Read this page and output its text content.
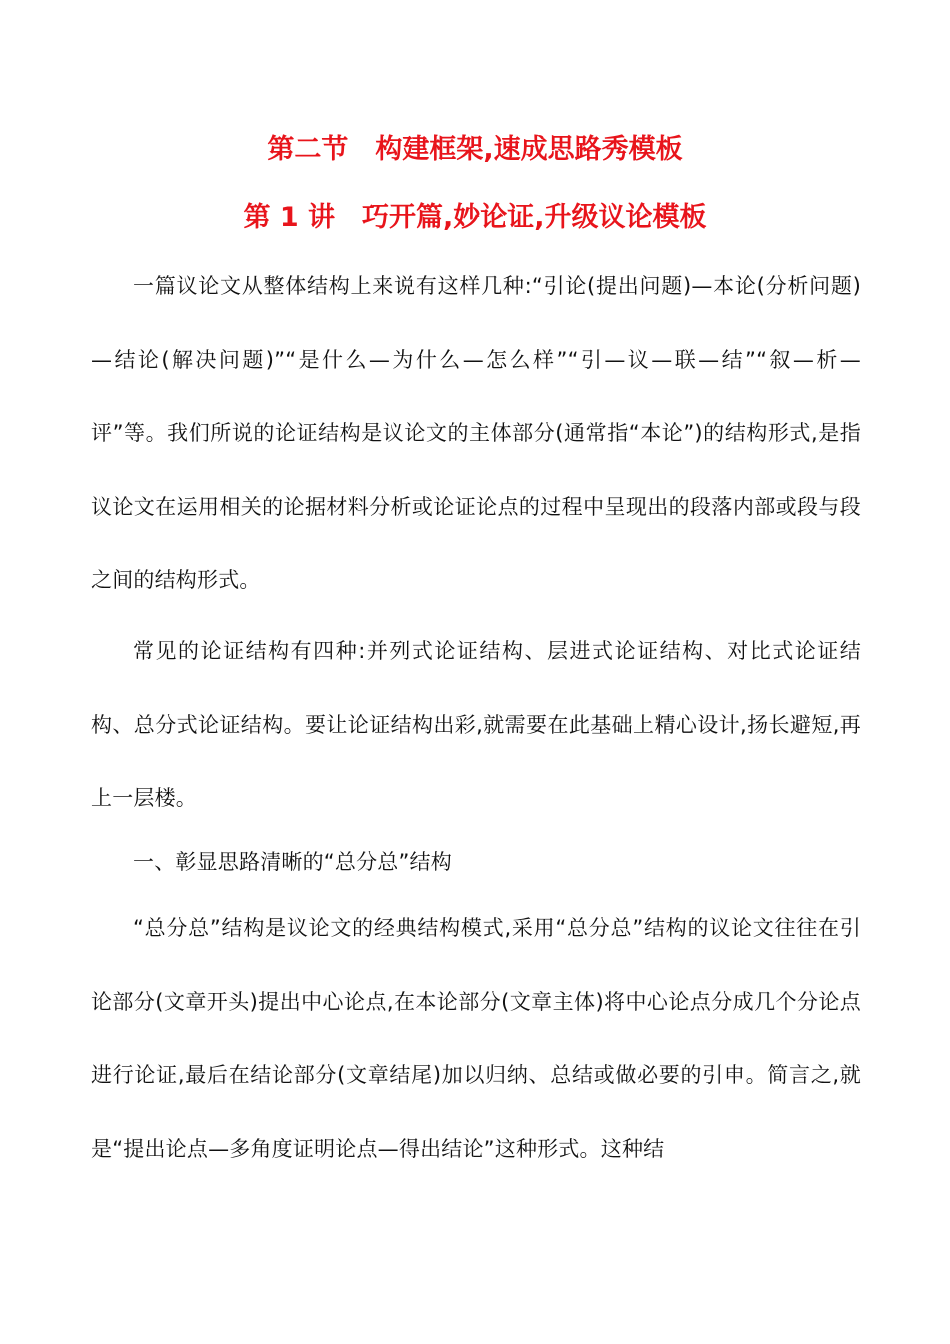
第二节　构建框架,速成思路秀模板
第 1 讲　巧开篇,妙论证,升级议论模板

一篇议论文从整体结构上来说有这样几种:“引论(提出问题)—本论(分析问题)—结论(解决问题)”“是什么—为什么—怎么样”“引—议—联—结”“叙—析—评”等。我们所说的论证结构是议论文的主体部分(通常指“本论”)的结构形式,是指议论文在运用相关的论据材料分析或论证论点的过程中呈现出的段落内部或段与段之间的结构形式。

常见的论证结构有四种:并列式论证结构、层进式论证结构、对比式论证结构、总分式论证结构。要让论证结构出彩,就需要在此基础上精心设计,扬长避短,再上一层楼。

一、彰显思路清晰的“总分总”结构

“总分总”结构是议论文的经典结构模式,采用“总分总”结构的议论文往往在引论部分(文章开头)提出中心论点,在本论部分(文章主体)将中心论点分成几个分论点进行论证,最后在结论部分(文章结尾)加以归纳、总结或做必要的引申。简言之,就是“提出论点—多角度证明论点—得出结论”这种形式。这种结
